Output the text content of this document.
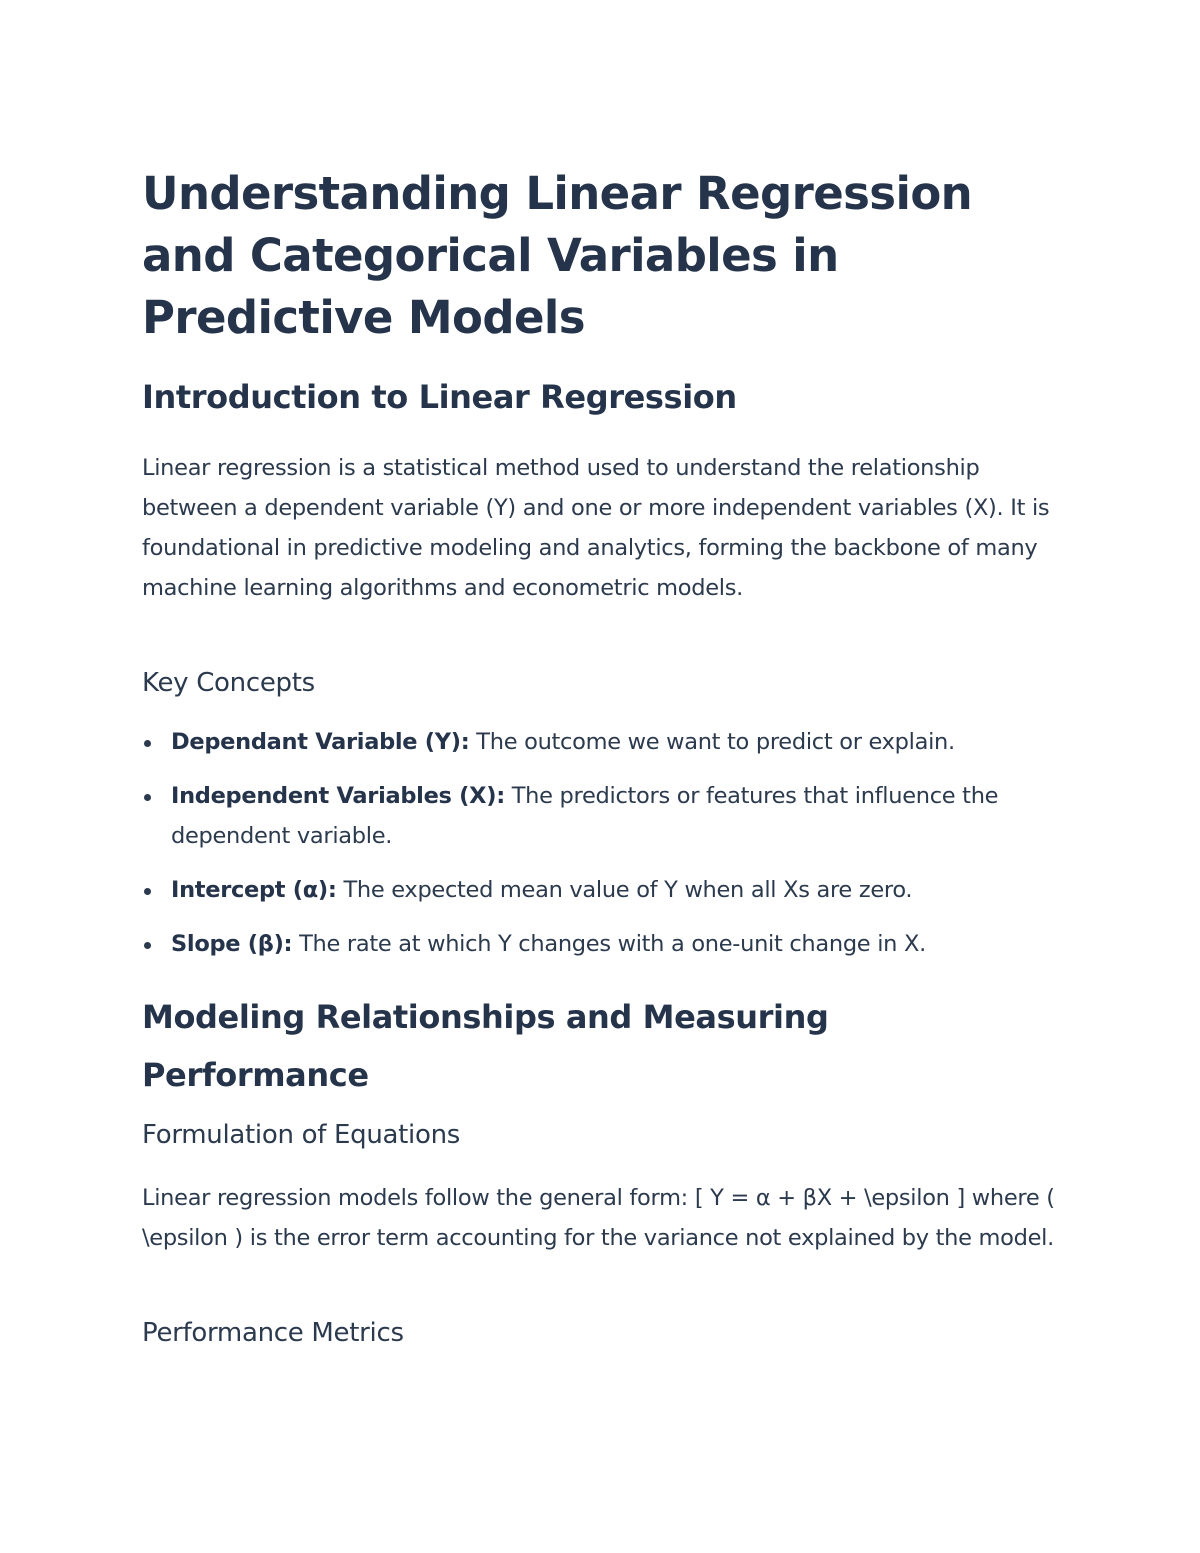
Understanding Linear Regression and Categorical Variables in Predictive Models
Introduction to Linear Regression

Linear regression is a statistical method used to understand the relationship between a dependent variable (Y) and one or more independent variables (X). It is foundational in predictive modeling and analytics, forming the backbone of many machine learning algorithms and econometric models.

Key Concepts
Dependant Variable (Y): The outcome we want to predict or explain.
Independent Variables (X): The predictors or features that influence the dependent variable.
Intercept (α): The expected mean value of Y when all Xs are zero.
Slope (β): The rate at which Y changes with a one-unit change in X.
Modeling Relationships and Measuring Performance
Formulation of Equations

Linear regression models follow the general form: [ Y = α + βX + \epsilon ] where ( \epsilon ) is the error term accounting for the variance not explained by the model.

Performance Metrics
